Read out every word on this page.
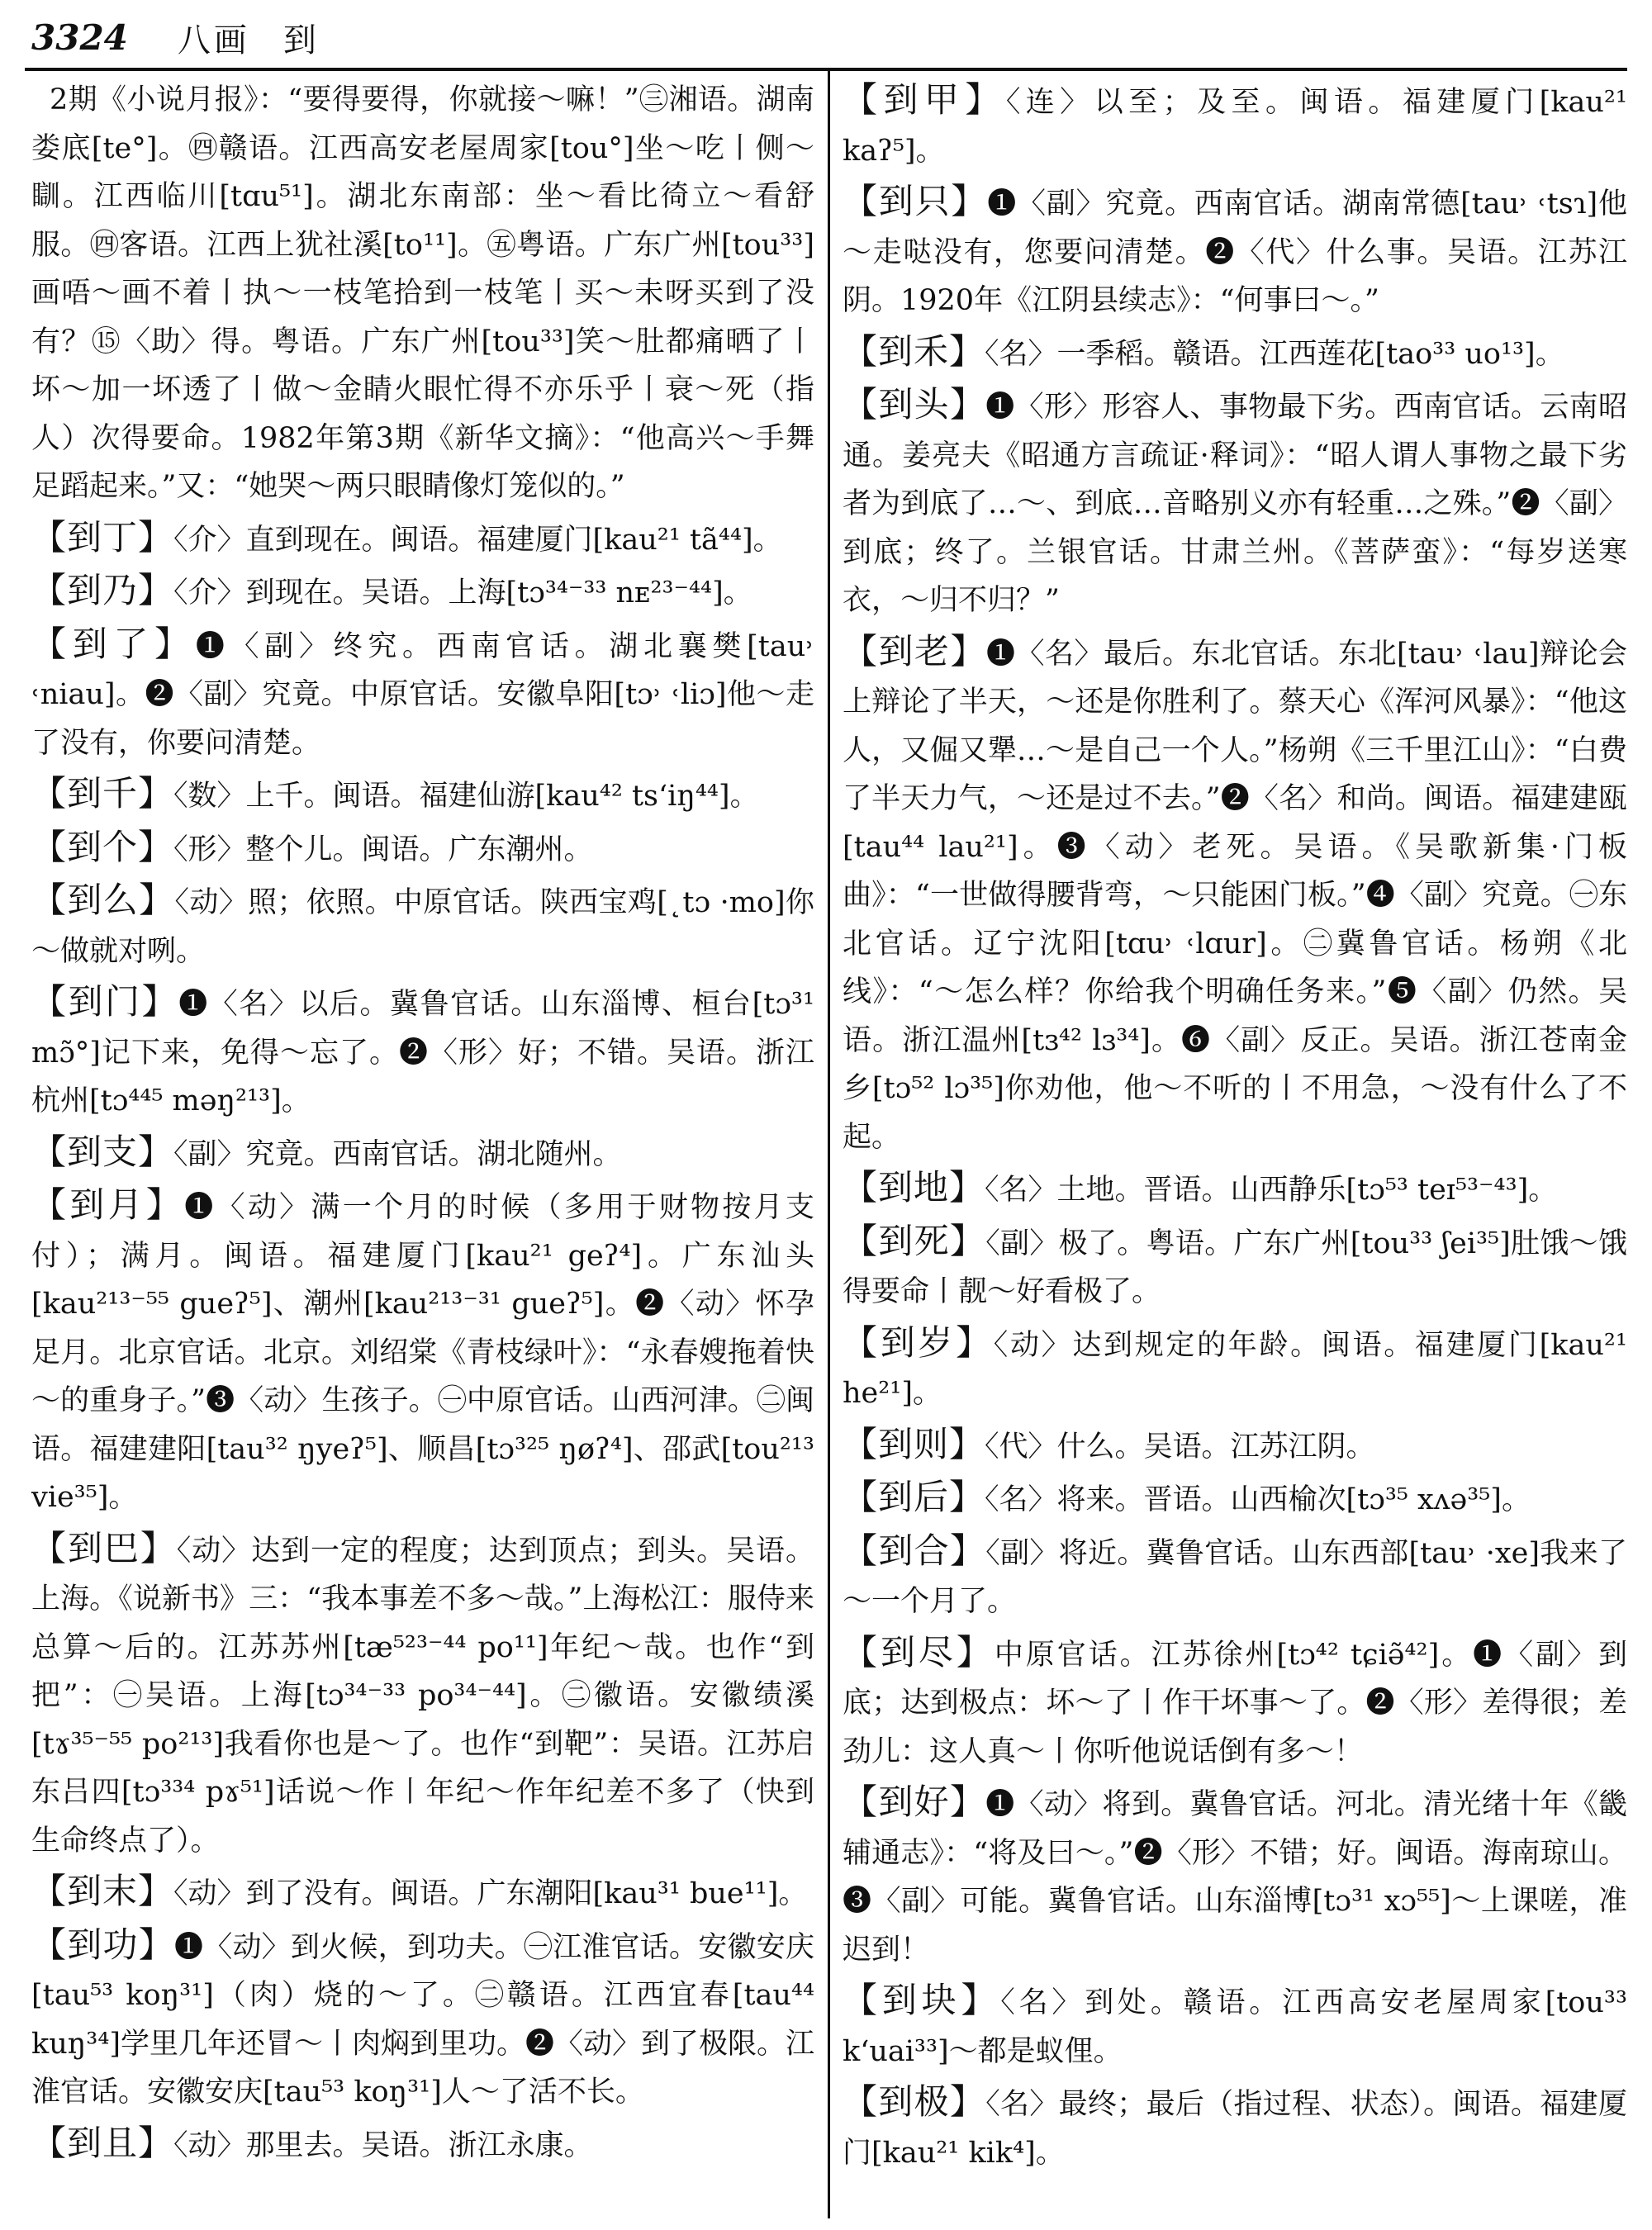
3324 八画 到

2期《小说月报》：“要得要得，你就接～嘛！”㊂湘语。湖南娄底[te°]。㊃赣语。江西高安老屋周家[tou°]坐～吃丨侧～瞓。江西临川[tɑu⁵¹]。湖北东南部：坐～看比徛立～看舒服。㊃客语。江西上犹社溪[to¹¹]。㊄粤语。广东广州[tou³³]画唔～画不着丨执～一枝笔拾到一枝笔丨买～未呀买到了没有？⑮〈助〉得。粤语。广东广州[tou³³]笑～肚都痛晒了丨坏～加一坏透了丨做～金睛火眼忙得不亦乐乎丨衰～死（指人）次得要命。1982年第3期《新华文摘》：“他高兴～手舞足蹈起来。”又：“她哭～两只眼睛像灯笼似的。”

【到丁】〈介〉直到现在。闽语。福建厦门[kau²¹ tã⁴⁴]。
【到乃】〈介〉到现在。吴语。上海[tɔ³⁴⁻³³ nᴇ²³⁻⁴⁴]。
【到了】❶〈副〉终究。西南官话。湖北襄樊[tau˒ ˓niau]。❷〈副〉究竟。中原官话。安徽阜阳[tɔ˒ ˓liɔ]他～走了没有，你要问清楚。
【到千】〈数〉上千。闽语。福建仙游[kau⁴² ts‘iŋ⁴⁴]。
【到个】〈形〉整个儿。闽语。广东潮州。
【到么】〈动〉照；依照。中原官话。陕西宝鸡[˛tɔ ·mo]你～做就对咧。
【到门】❶〈名〉以后。冀鲁官话。山东淄博、桓台[tɔ³¹ mɔ̃°]记下来，免得～忘了。❷〈形〉好；不错。吴语。浙江杭州[tɔ⁴⁴⁵ məŋ²¹³]。
【到支】〈副〉究竟。西南官话。湖北随州。
【到月】❶〈动〉满一个月的时候（多用于财物按月支付）；满月。闽语。福建厦门[kau²¹ geʔ⁴]。广东汕头[kau²¹³⁻⁵⁵ gueʔ⁵]、潮州[kau²¹³⁻³¹ gueʔ⁵]。❷〈动〉怀孕足月。北京官话。北京。刘绍棠《青枝绿叶》：“永春嫂拖着快～的重身子。”❸〈动〉生孩子。㊀中原官话。山西河津。㊁闽语。福建建阳[tau³² ŋyeʔ⁵]、顺昌[tɔ³²⁵ ŋøʔ⁴]、邵武[tou²¹³ vie³⁵]。
【到巴】〈动〉达到一定的程度；达到顶点；到头。吴语。上海。《说新书》三：“我本事差不多～哉。”上海松江：服侍来总算～后的。江苏苏州[tæ⁵²³⁻⁴⁴ po¹¹]年纪～哉。也作“到把”：㊀吴语。上海[tɔ³⁴⁻³³ po³⁴⁻⁴⁴]。㊁徽语。安徽绩溪[tɤ³⁵⁻⁵⁵ po²¹³]我看你也是～了。也作“到靶”：吴语。江苏启东吕四[tɔ³³⁴ pɤ⁵¹]话说～作丨年纪～作年纪差不多了（快到生命终点了）。
【到末】〈动〉到了没有。闽语。广东潮阳[kau³¹ bue¹¹]。
【到功】❶〈动〉到火候，到功夫。㊀江淮官话。安徽安庆[tau⁵³ koŋ³¹]（肉）烧的～了。㊁赣语。江西宜春[tau⁴⁴ kuŋ³⁴]学里几年还冒～丨肉焖到里功。❷〈动〉到了极限。江淮官话。安徽安庆[tau⁵³ koŋ³¹]人～了活不长。
【到且】〈动〉那里去。吴语。浙江永康。
【到甲】〈连〉以至；及至。闽语。福建厦门[kau²¹ kaʔ⁵]。
【到只】❶〈副〉究竟。西南官话。湖南常德[tau˒ ˓tsɿ]他～走哒没有，您要问清楚。❷〈代〉什么事。吴语。江苏江阴。1920年《江阴县续志》：“何事曰～。”
【到禾】〈名〉一季稻。赣语。江西莲花[tao³³ uo¹³]。
【到头】❶〈形〉形容人、事物最下劣。西南官话。云南昭通。姜亮夫《昭通方言疏证·释词》：“昭人谓人事物之最下劣者为到底了…～、到底…音略别义亦有轻重…之殊。”❷〈副〉到底；终了。兰银官话。甘肃兰州。《菩萨蛮》：“每岁送寒衣，～归不归？”
【到老】❶〈名〉最后。东北官话。东北[tau˒ ˓lau]辩论会上辩论了半天，～还是你胜利了。蔡天心《浑河风暴》：“他这人，又倔又犟…～是自己一个人。”杨朔《三千里江山》：“白费了半天力气，～还是过不去。”❷〈名〉和尚。闽语。福建建瓯[tau⁴⁴ lau²¹]。❸〈动〉老死。吴语。《吴歌新集·门板曲》：“一世做得腰背弯，～只能困门板。”❹〈副〉究竟。㊀东北官话。辽宁沈阳[tɑu˒ ˓lɑur]。㊁冀鲁官话。杨朔《北线》：“～怎么样？你给我个明确任务来。”❺〈副〉仍然。吴语。浙江温州[tɜ⁴² lɜ³⁴]。❻〈副〉反正。吴语。浙江苍南金乡[tɔ⁵² lɔ³⁵]你劝他，他～不听的丨不用急，～没有什么了不起。
【到地】〈名〉土地。晋语。山西静乐[tɔ⁵³ teɪ⁵³⁻⁴³]。
【到死】〈副〉极了。粤语。广东广州[tou³³ ʃei³⁵]肚饿～饿得要命丨靓～好看极了。
【到岁】〈动〉达到规定的年龄。闽语。福建厦门[kau²¹ he²¹]。
【到则】〈代〉什么。吴语。江苏江阴。
【到后】〈名〉将来。晋语。山西榆次[tɔ³⁵ xʌə³⁵]。
【到合】〈副〉将近。冀鲁官话。山东西部[tau˒ ·xe]我来了～一个月了。
【到尽】中原官话。江苏徐州[tɔ⁴² tɕiə̃⁴²]。❶〈副〉到底；达到极点：坏～了丨作干坏事～了。❷〈形〉差得很；差劲儿：这人真～丨你听他说话倒有多～！
【到好】❶〈动〉将到。冀鲁官话。河北。清光绪十年《畿辅通志》：“将及曰～。”❷〈形〉不错；好。闽语。海南琼山。❸〈副〉可能。冀鲁官话。山东淄博[tɔ³¹ xɔ⁵⁵]～上课嗟，准迟到！
【到块】〈名〉到处。赣语。江西高安老屋周家[tou³³ k‘uai³³]～都是蚁俚。
【到极】〈名〉最终；最后（指过程、状态）。闽语。福建厦门[kau²¹ kik⁴]。
